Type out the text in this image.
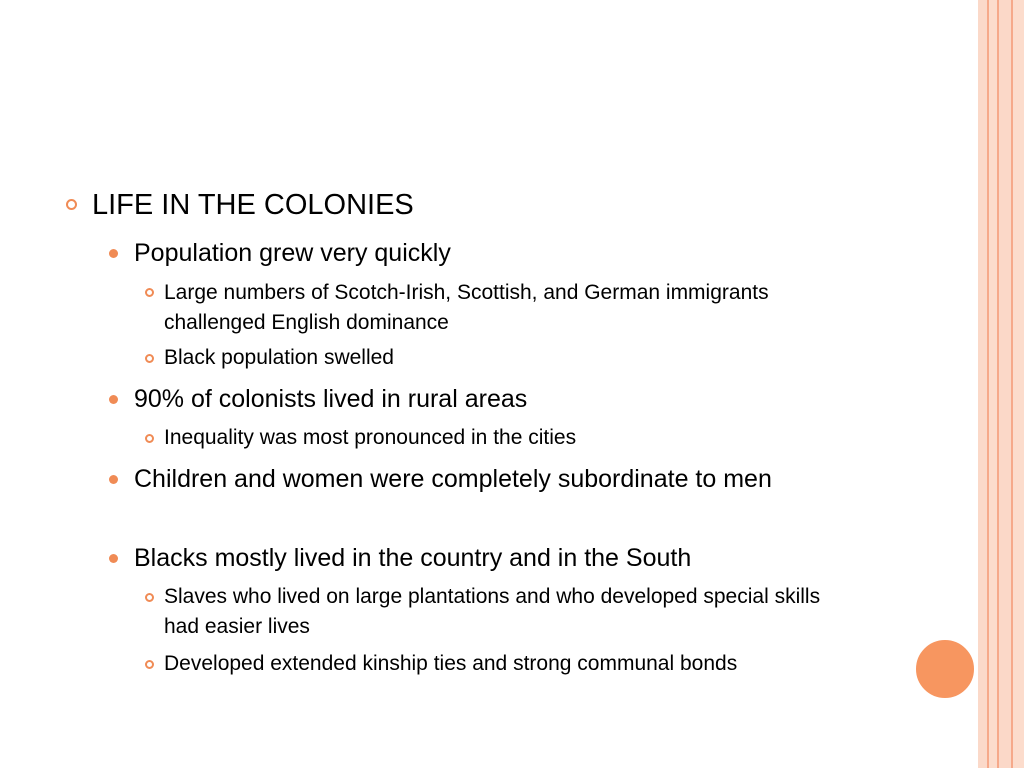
LIFE IN THE COLONIES
Population grew very quickly
Large numbers of Scotch-Irish, Scottish, and German immigrants challenged English dominance
Black population swelled
90% of colonists lived in rural areas
Inequality was most pronounced in the cities
Children and women were completely subordinate to men
Blacks mostly lived in the country and in the South
Slaves who lived on large plantations and who developed special skills had easier lives
Developed extended kinship ties and strong communal bonds
